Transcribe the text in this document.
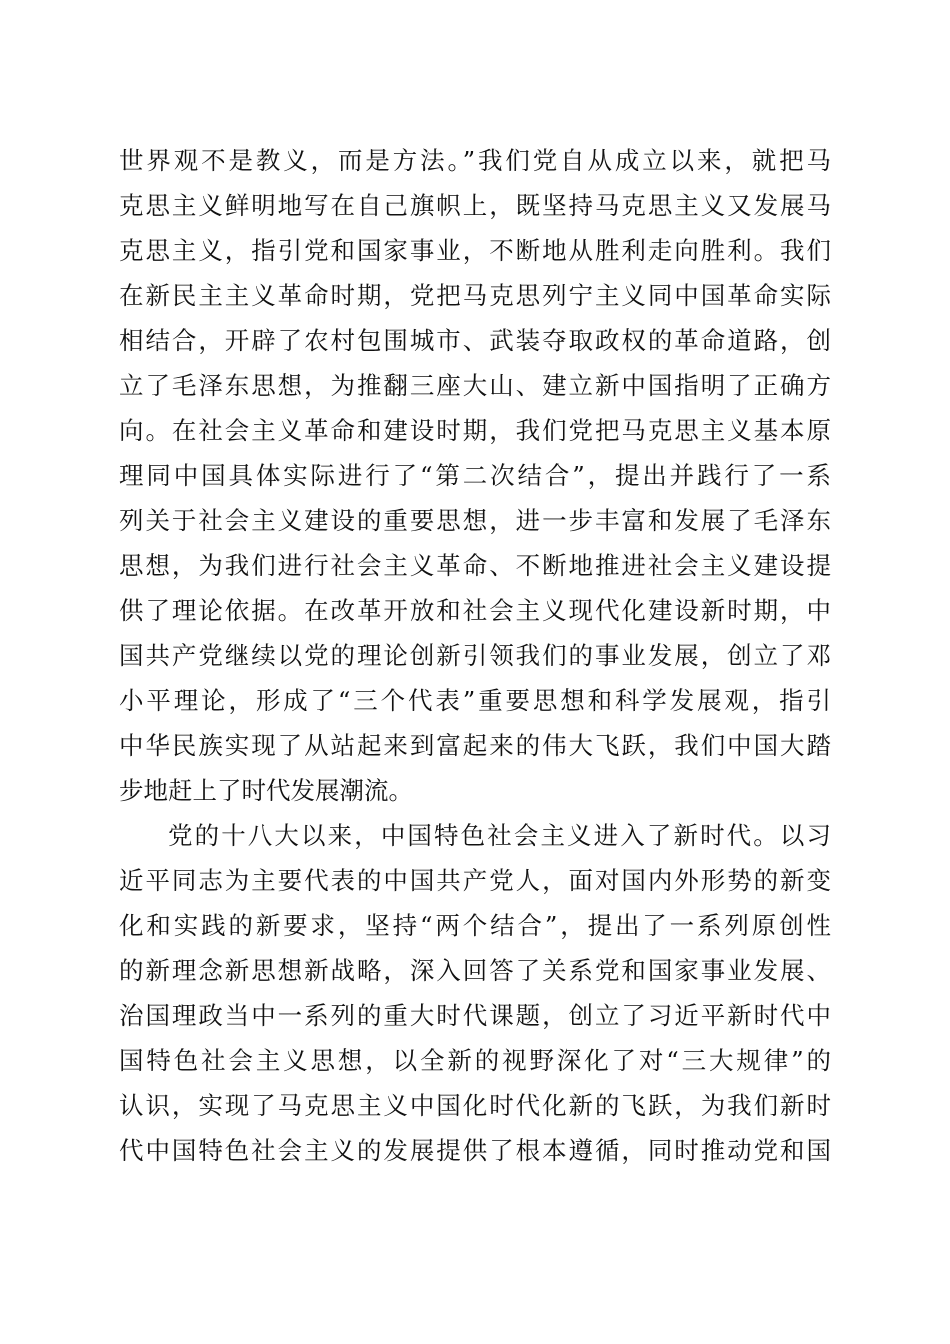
世界观不是教义，而是方法。”我们党自从成立以来，就把马
克思主义鲜明地写在自己旗帜上，既坚持马克思主义又发展马
克思主义，指引党和国家事业，不断地从胜利走向胜利。我们
在新民主主义革命时期，党把马克思列宁主义同中国革命实际
相结合，开辟了农村包围城市、武装夺取政权的革命道路，创
立了毛泽东思想，为推翻三座大山、建立新中国指明了正确方
向。在社会主义革命和建设时期，我们党把马克思主义基本原
理同中国具体实际进行了“第二次结合”，提出并践行了一系
列关于社会主义建设的重要思想，进一步丰富和发展了毛泽东
思想，为我们进行社会主义革命、不断地推进社会主义建设提
供了理论依据。在改革开放和社会主义现代化建设新时期，中
国共产党继续以党的理论创新引领我们的事业发展，创立了邓
小平理论，形成了“三个代表”重要思想和科学发展观，指引
中华民族实现了从站起来到富起来的伟大飞跃，我们中国大踏
步地赶上了时代发展潮流。
党的十八大以来，中国特色社会主义进入了新时代。以习
近平同志为主要代表的中国共产党人，面对国内外形势的新变
化和实践的新要求，坚持“两个结合”，提出了一系列原创性
的新理念新思想新战略，深入回答了关系党和国家事业发展、
治国理政当中一系列的重大时代课题，创立了习近平新时代中
国特色社会主义思想，以全新的视野深化了对“三大规律”的
认识，实现了马克思主义中国化时代化新的飞跃，为我们新时
代中国特色社会主义的发展提供了根本遵循，同时推动党和国
